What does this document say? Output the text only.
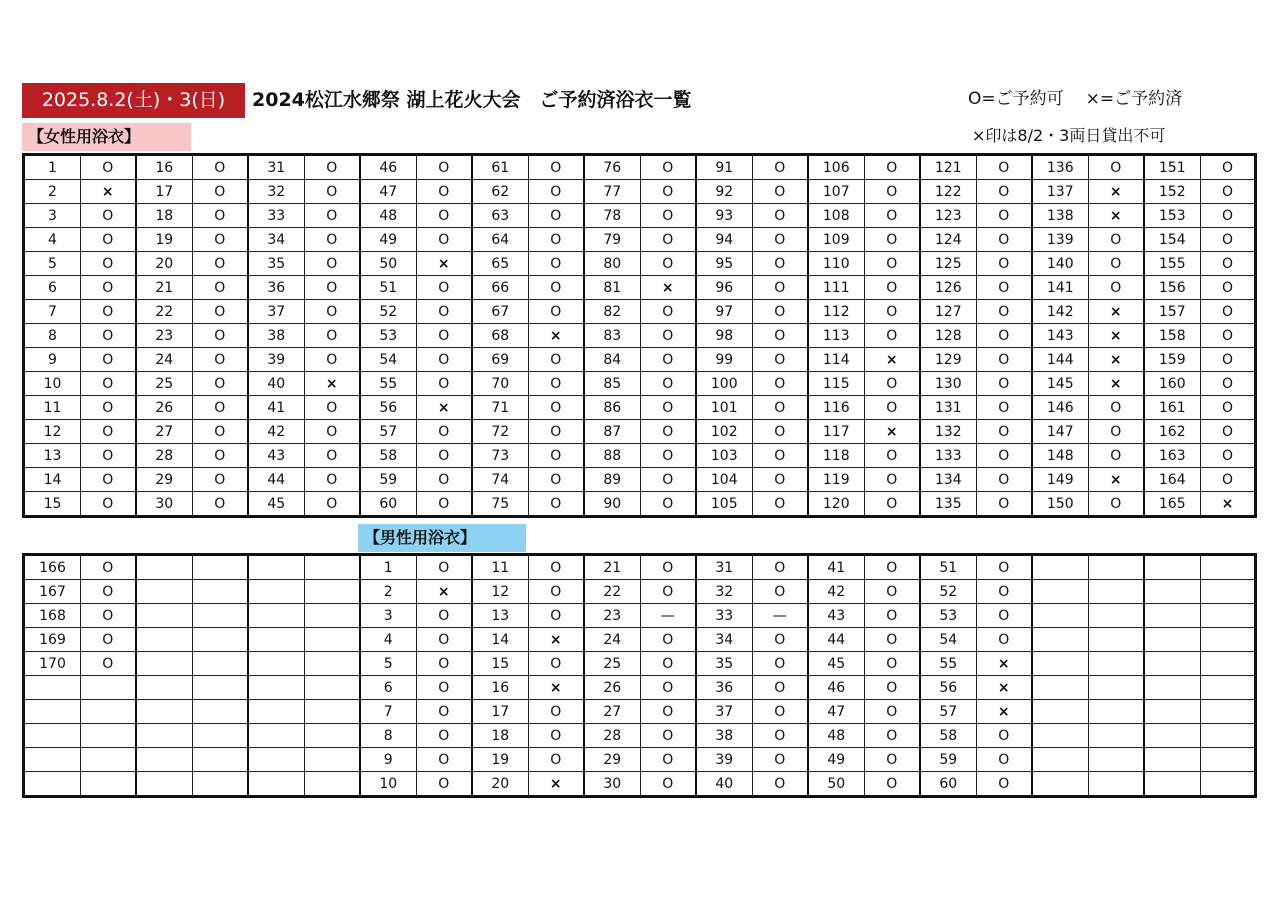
2025.8.2(土)・3(日)	2024松江水郷祭 湖上花火大会　ご予約済浴衣一覧	O=ご予約可 ×=ご予約済
×印は8/2・3両日貸出不可
【女性用浴衣】
1	O	16	O	31	O	46	O	61	O	76	O	91	O	106	O	121	O	136	O	151	O
2	×	17	O	32	O	47	O	62	O	77	O	92	O	107	O	122	O	137	×	152	O
3	O	18	O	33	O	48	O	63	O	78	O	93	O	108	O	123	O	138	×	153	O
4	O	19	O	34	O	49	O	64	O	79	O	94	O	109	O	124	O	139	O	154	O
5	O	20	O	35	O	50	×	65	O	80	O	95	O	110	O	125	O	140	O	155	O
6	O	21	O	36	O	51	O	66	O	81	×	96	O	111	O	126	O	141	O	156	O
7	O	22	O	37	O	52	O	67	O	82	O	97	O	112	O	127	O	142	×	157	O
8	O	23	O	38	O	53	O	68	×	83	O	98	O	113	O	128	O	143	×	158	O
9	O	24	O	39	O	54	O	69	O	84	O	99	O	114	×	129	O	144	×	159	O
10	O	25	O	40	×	55	O	70	O	85	O	100	O	115	O	130	O	145	×	160	O
11	O	26	O	41	O	56	×	71	O	86	O	101	O	116	O	131	O	146	O	161	O
12	O	27	O	42	O	57	O	72	O	87	O	102	O	117	×	132	O	147	O	162	O
13	O	28	O	43	O	58	O	73	O	88	O	103	O	118	O	133	O	148	O	163	O
14	O	29	O	44	O	59	O	74	O	89	O	104	O	119	O	134	O	149	×	164	O
15	O	30	O	45	O	60	O	75	O	90	O	105	O	120	O	135	O	150	O	165	×
166	O					1	O	11	O	21	O	31	O	41	O	51	O				
167	O					2	×	12	O	22	O	32	O	42	O	52	O				
168	O					3	O	13	O	23	—	33	—	43	O	53	O				
169	O					4	O	14	×	24	O	34	O	44	O	54	O				
170	O					5	O	15	O	25	O	35	O	45	O	55	×				
						6	O	16	×	26	O	36	O	46	O	56	×				
						7	O	17	O	27	O	37	O	47	O	57	×				
						8	O	18	O	28	O	38	O	48	O	58	O				
						9	O	19	O	29	O	39	O	49	O	59	O				
						10	O	20	×	30	O	40	O	50	O	60	O				
【男性用浴衣】
